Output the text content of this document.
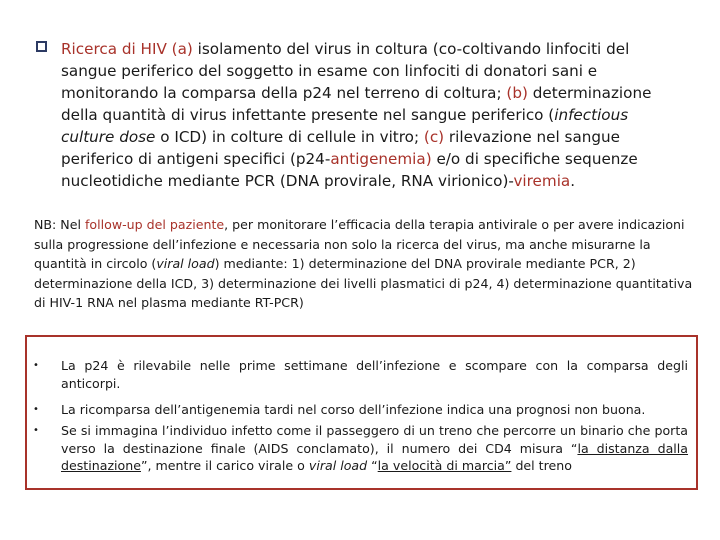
Ricerca di HIV (a) isolamento del virus in coltura (co-coltivando linfociti del sangue periferico del soggetto in esame con linfociti di donatori sani e monitorando la comparsa della p24 nel terreno di coltura; (b) determinazione della quantità di virus infettante presente nel sangue periferico (infectious culture dose o ICD) in colture di cellule in vitro; (c) rilevazione nel sangue periferico di antigeni specifici (p24-antigenemia) e/o di specifiche sequenze nucleotidiche mediante PCR (DNA provirale, RNA virionico)-viremia.
NB: Nel follow-up del paziente, per monitorare l’efficacia della terapia antivirale o per avere indicazioni sulla progressione dell’infezione e necessaria non solo la ricerca del virus, ma anche misurarne la quantità in circolo (viral load) mediante: 1) determinazione del DNA provirale mediante PCR, 2) determinazione della ICD, 3) determinazione dei livelli plasmatici di p24, 4) determinazione quantitativa di HIV-1 RNA nel plasma mediante RT-PCR)
• La p24 è rilevabile nelle prime settimane dell’infezione e scompare con la comparsa degli anticorpi.
• La ricomparsa dell’antigenemia tardi nel corso dell’infezione indica una prognosi non buona.
• Se si immagina l’individuo infetto come il passeggero di un treno che percorre un binario che porta verso la destinazione finale (AIDS conclamato), il numero dei CD4 misura “la distanza dalla destinazione”, mentre il carico virale o viral load “la velocità di marcia” del treno
